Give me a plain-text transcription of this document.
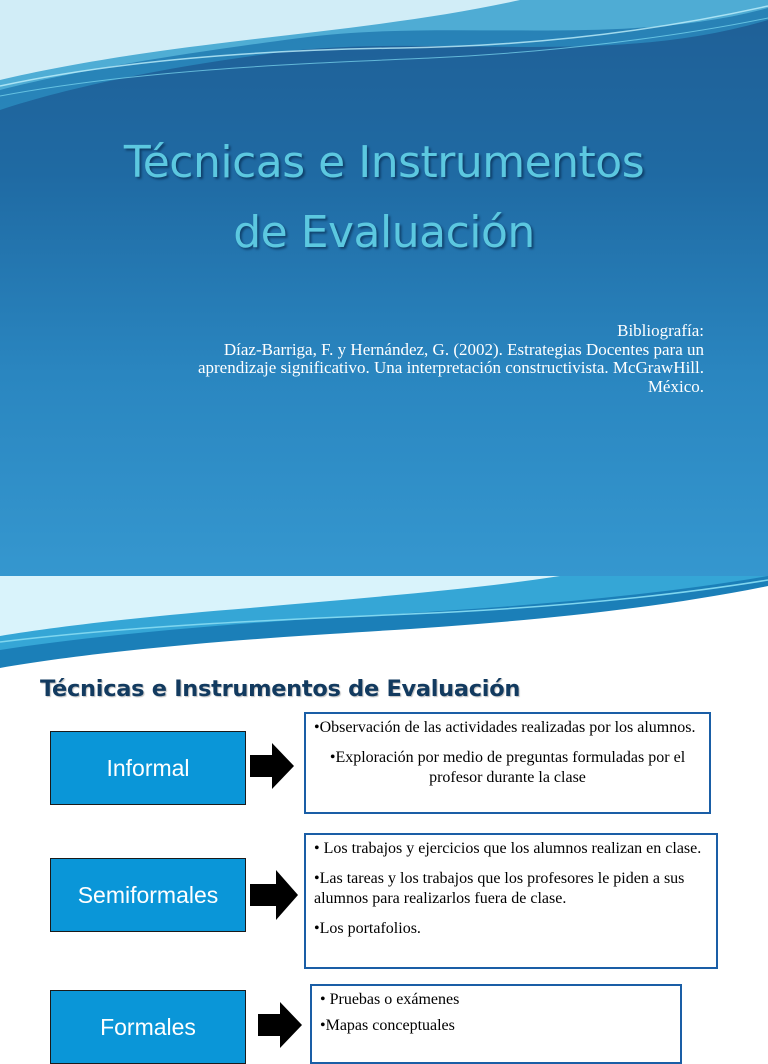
Técnicas e Instrumentos
de Evaluación
Bibliografía:
Díaz-Barriga, F. y Hernández, G. (2002). Estrategias Docentes para un
aprendizaje significativo. Una interpretación constructivista. McGrawHill.
México.
Técnicas e Instrumentos de Evaluación
Informal

•Observación de las actividades realizadas por los alumnos.

•Exploración por medio de preguntas formuladas por el profesor durante la clase

Semiformales

• Los trabajos y ejercicios que los alumnos realizan en clase.

•Las tareas y los trabajos que los profesores le piden a sus alumnos para realizarlos fuera de clase.

•Los portafolios.

Formales

• Pruebas o exámenes

•Mapas conceptuales
